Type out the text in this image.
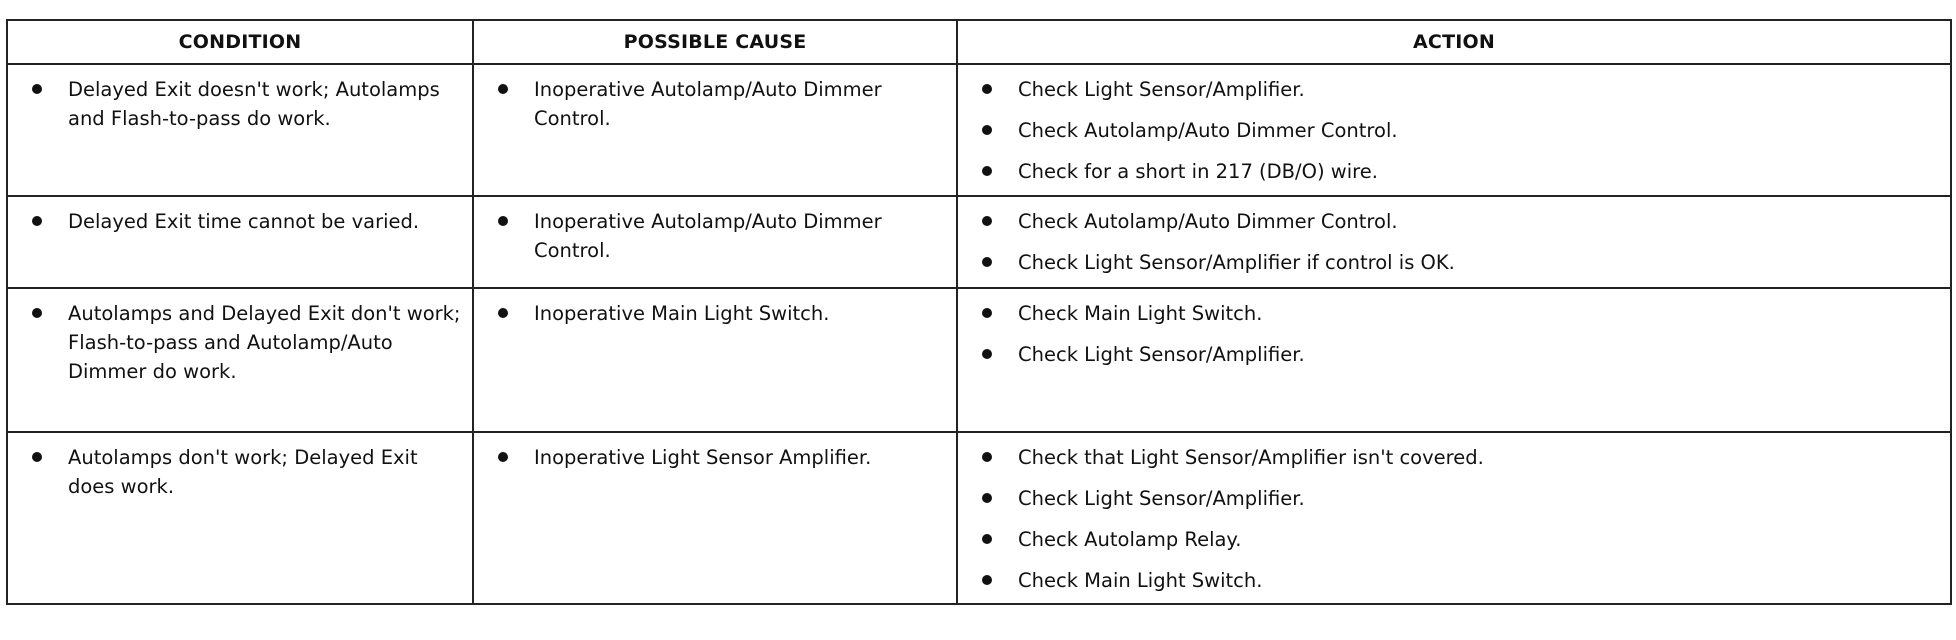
CONDITION	POSSIBLE CAUSE	ACTION

Delayed Exit doesn't work; Autolamps and Flash-to-pass do work.	Inoperative Autolamp/Auto Dimmer Control.	Check Light Sensor/Amplifier.
Check Autolamp/Auto Dimmer Control.
Check for a short in 217 (DB/O) wire.

Delayed Exit time cannot be varied.	Inoperative Autolamp/Auto Dimmer Control.	Check Autolamp/Auto Dimmer Control.
Check Light Sensor/Amplifier if control is OK.

Autolamps and Delayed Exit don't work; Flash-to-pass and Autolamp/Auto Dimmer do work.	Inoperative Main Light Switch.	Check Main Light Switch.
Check Light Sensor/Amplifier.

Autolamps don't work; Delayed Exit does work.	Inoperative Light Sensor Amplifier.	Check that Light Sensor/Amplifier isn't covered.
Check Light Sensor/Amplifier.
Check Autolamp Relay.
Check Main Light Switch.
